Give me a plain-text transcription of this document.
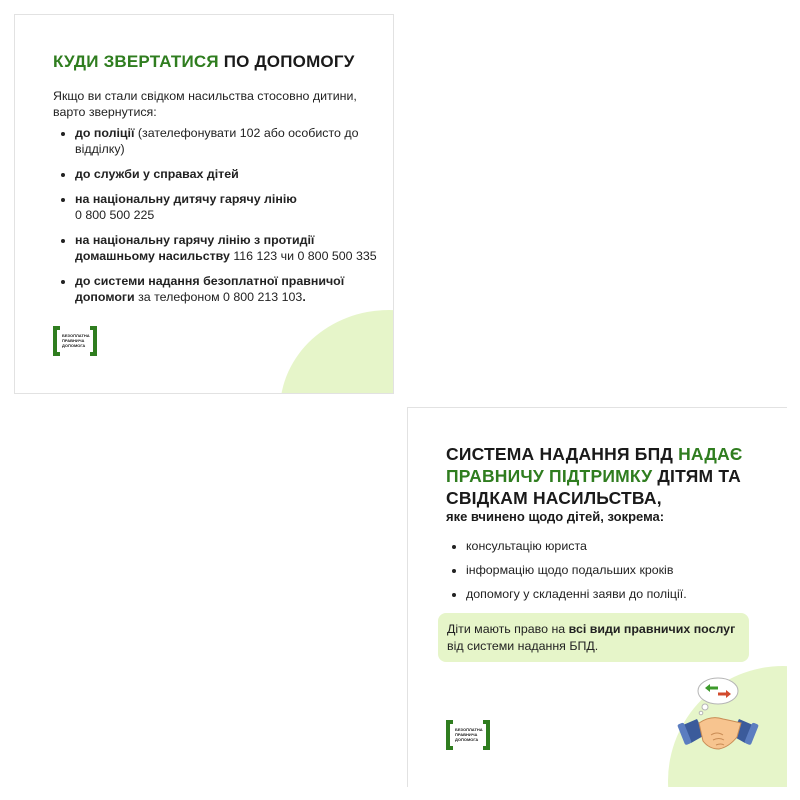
КУДИ ЗВЕРТАТИСЯ ПО ДОПОМОГУ

Якщо ви стали свідком насильства стосовно дитини, варто звернутися:

• до поліції (зателефонувати 102 або особисто до відділку)
• до служби у справах дітей
• на національну дитячу гарячу лінію
0 800 500 225
• на національну гарячу лінію з протидії домашньому насильству 116 123 чи 0 800 500 335
• до системи надання безоплатної правничої допомоги за телефоном 0 800 213 103.
БЕЗОПЛАТНА ПРАВНИЧА ДОПОМОГА
СИСТЕМА НАДАННЯ БПД НАДАЄ ПРАВНИЧУ ПІДТРИМКУ ДІТЯМ ТА СВІДКАМ НАСИЛЬСТВА,

яке вчинено щодо дітей, зокрема:

• консультацію юриста
• інформацію щодо подальших кроків
• допомогу у складенні заяви до поліції.
Діти мають право на всі види правничих послуг від системи надання БПД.
БЕЗОПЛАТНА ПРАВНИЧА ДОПОМОГА
